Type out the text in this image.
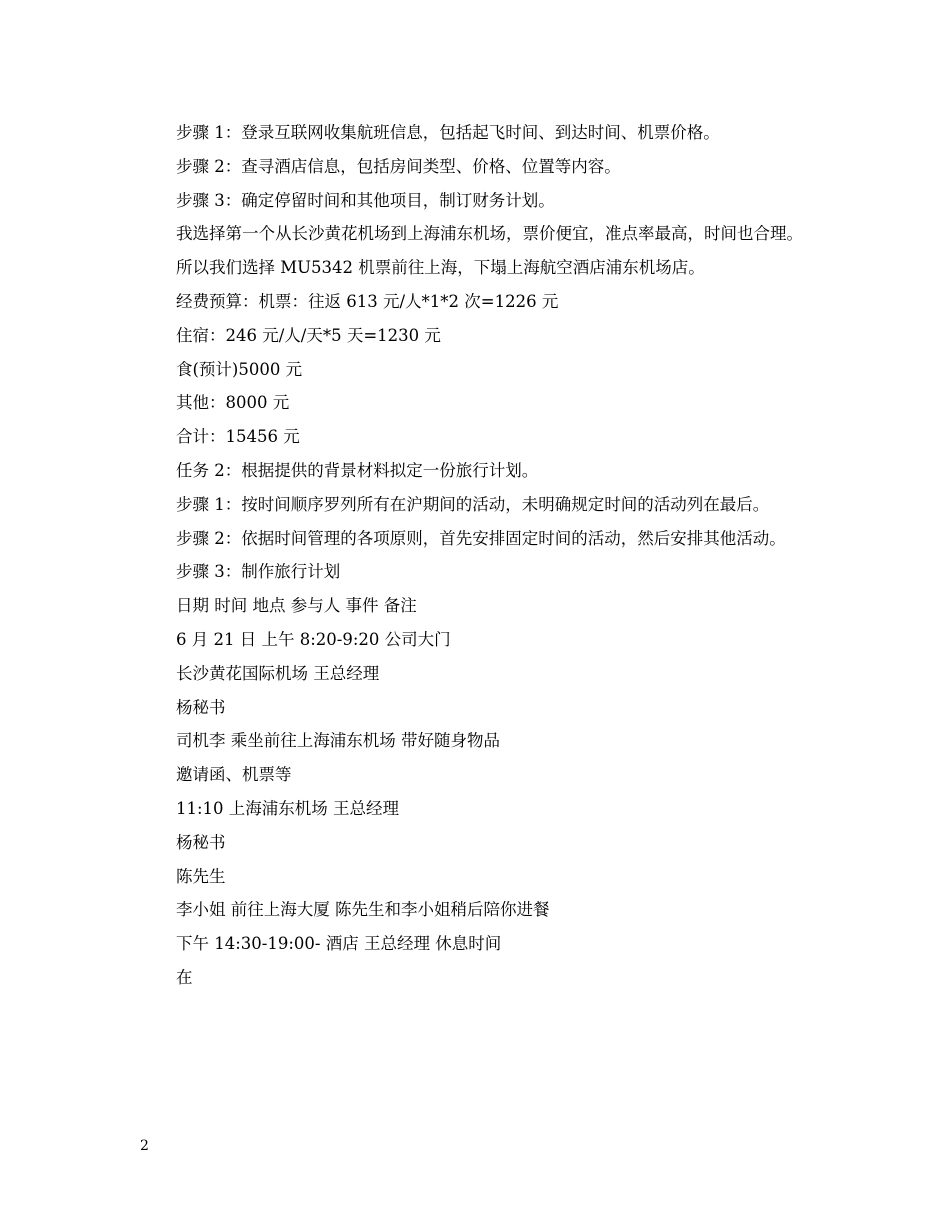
步骤 1：登录互联网收集航班信息，包括起飞时间、到达时间、机票价格。

步骤 2：查寻酒店信息，包括房间类型、价格、位置等内容。

步骤 3：确定停留时间和其他项目，制订财务计划。

我选择第一个从长沙黄花机场到上海浦东机场，票价便宜，准点率最高，时间也合理。

所以我们选择 MU5342 机票前往上海，下塌上海航空酒店浦东机场店。

经费预算：机票：往返 613 元/人*1*2 次=1226 元

住宿：246 元/人/天*5 天=1230 元

食(预计)5000 元

其他：8000 元

合计：15456 元

任务 2：根据提供的背景材料拟定一份旅行计划。

步骤 1：按时间顺序罗列所有在沪期间的活动，未明确规定时间的活动列在最后。

步骤 2：依据时间管理的各项原则，首先安排固定时间的活动，然后安排其他活动。

步骤 3：制作旅行计划

日期 时间 地点 参与人 事件 备注

6 月 21 日 上午 8:20-9:20 公司大门

长沙黄花国际机场 王总经理

杨秘书

司机李 乘坐前往上海浦东机场 带好随身物品

邀请函、机票等

11:10 上海浦东机场 王总经理

杨秘书

陈先生

李小姐 前往上海大厦 陈先生和李小姐稍后陪你进餐

下午 14:30-19:00- 酒店 王总经理 休息时间

在

2
